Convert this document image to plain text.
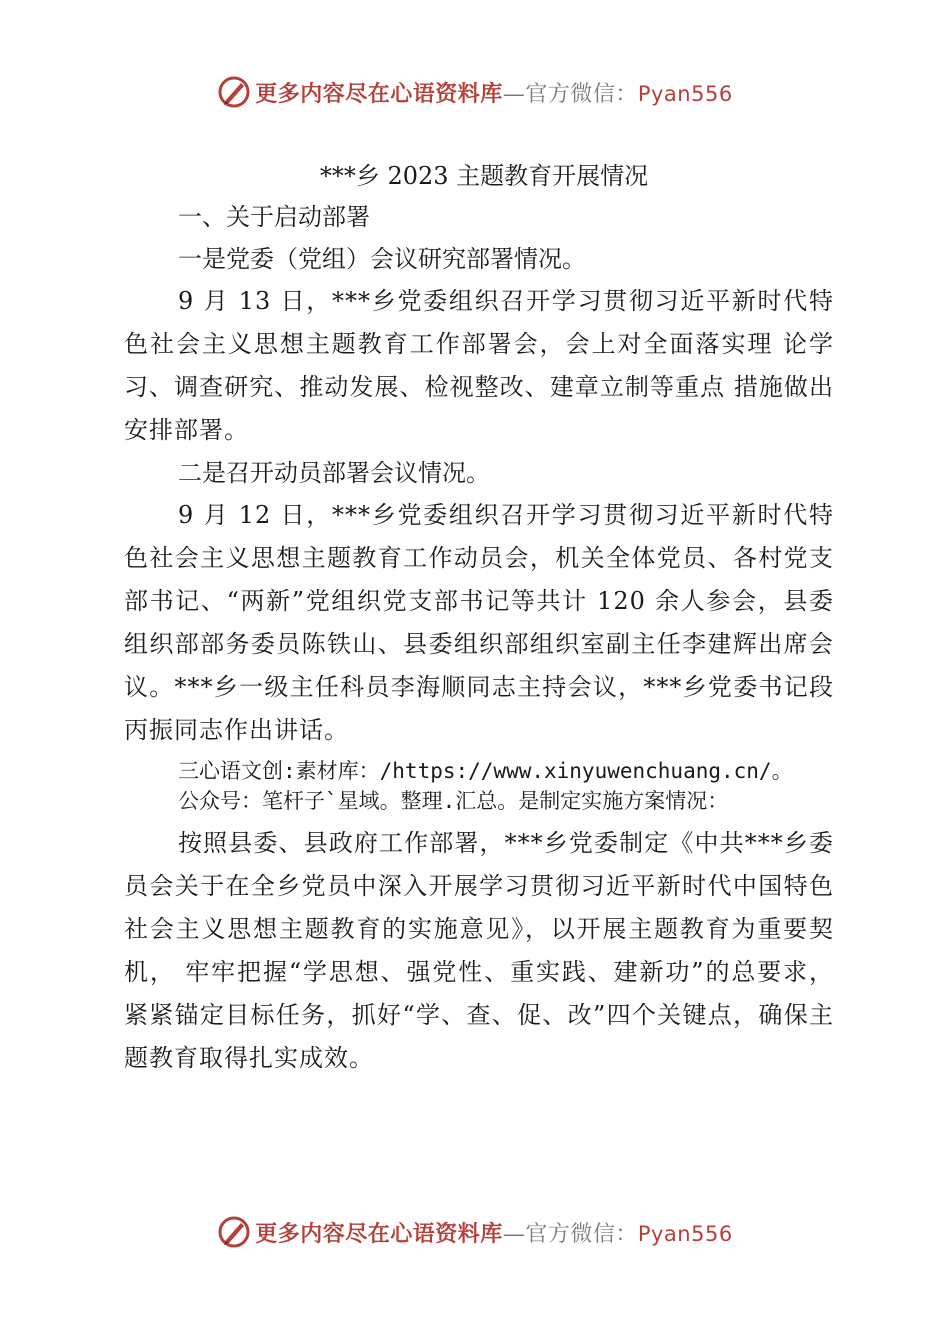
更多内容尽在心语资料库—官方微信：Pyan556

***乡 2023 主题教育开展情况

一、关于启动部署

一是党委（党组）会议研究部署情况。

9 月 13 日，***乡党委组织召开学习贯彻习近平新时代特色社会主义思想主题教育工作部署会，会上对全面落实理 论学习、调查研究、推动发展、检视整改、建章立制等重点 措施做出安排部署。

二是召开动员部署会议情况。

9 月 12 日，***乡党委组织召开学习贯彻习近平新时代特色社会主义思想主题教育工作动员会，机关全体党员、各村党支部书记、“两新”党组织党支部书记等共计 120 余人参会，县委组织部部务委员陈铁山、县委组织部组织室副主任李建辉出席会议。***乡一级主任科员李海顺同志主持会议，***乡党委书记段丙振同志作出讲话。

三心语文创:素材库：/https://www.xinyuwenchuang.cn/。
公众号：笔杆子`星域。整理.汇总。是制定实施方案情况：

按照县委、县政府工作部署，***乡党委制定《中共***乡委员会关于在全乡党员中深入开展学习贯彻习近平新时代中国特色社会主义思想主题教育的实施意见》，以开展主题教育为重要契机， 牢牢把握“学思想、强党性、重实践、建新功”的总要求，紧紧锚定目标任务，抓好“学、查、促、改”四个关键点，确保主题教育取得扎实成效。

更多内容尽在心语资料库—官方微信：Pyan556
